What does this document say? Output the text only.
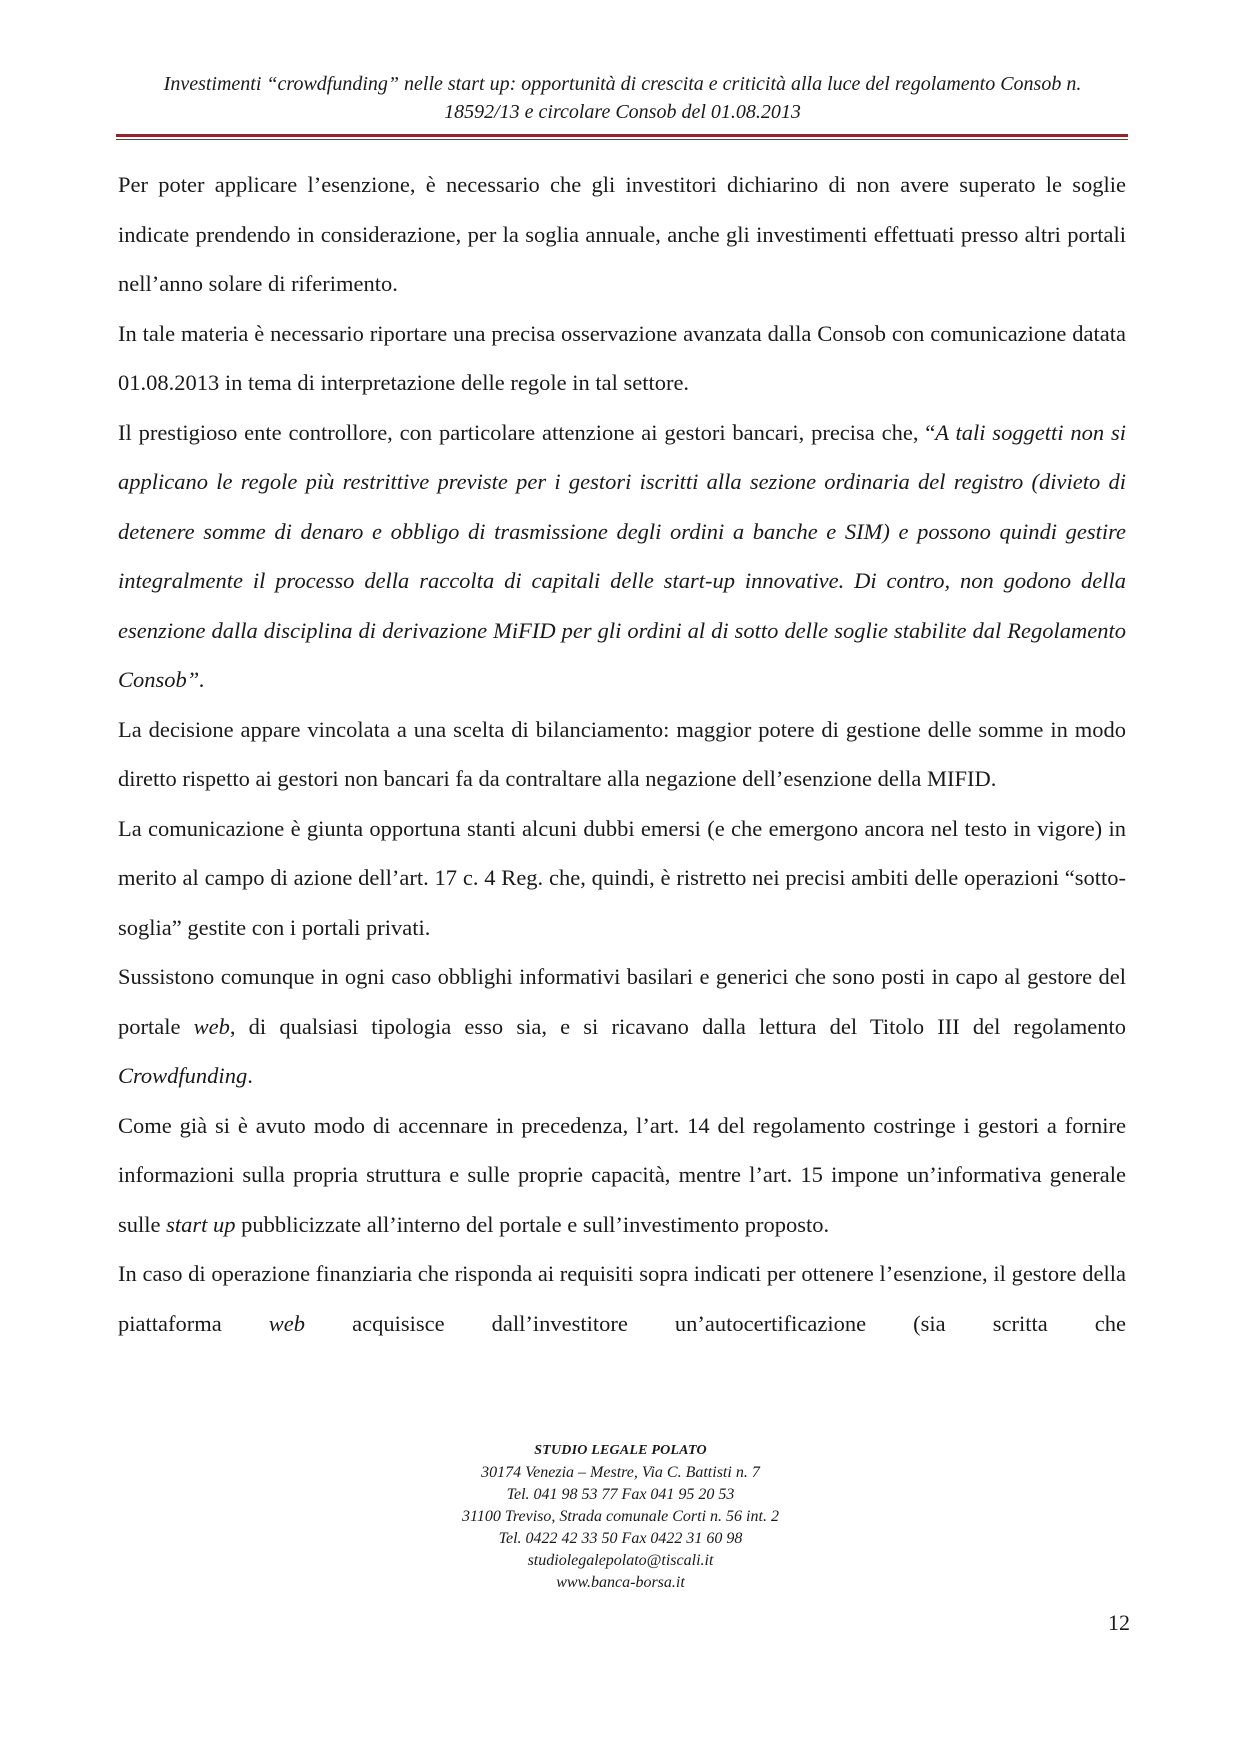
Investimenti “crowdfunding” nelle start up: opportunità di crescita e criticità alla luce del regolamento Consob n.
18592/13 e circolare Consob del 01.08.2013

Per poter applicare l’esenzione, è necessario che gli investitori dichiarino di non avere superato le soglie indicate prendendo in considerazione, per la soglia annuale, anche gli investimenti effettuati presso altri portali nell’anno solare di riferimento.

In tale materia è necessario riportare una precisa osservazione avanzata dalla Consob con comunicazione datata 01.08.2013 in tema di interpretazione delle regole in tal settore.

Il prestigioso ente controllore, con particolare attenzione ai gestori bancari, precisa che, “A tali soggetti non si applicano le regole più restrittive previste per i gestori iscritti alla sezione ordinaria del registro (divieto di detenere somme di denaro e obbligo di trasmissione degli ordini a banche e SIM) e possono quindi gestire integralmente il processo della raccolta di capitali delle start-up innovative. Di contro, non godono della esenzione dalla disciplina di derivazione MiFID per gli ordini al di sotto delle soglie stabilite dal Regolamento Consob”.

La decisione appare vincolata a una scelta di bilanciamento: maggior potere di gestione delle somme in modo diretto rispetto ai gestori non bancari fa da contraltare alla negazione dell’esenzione della MIFID.

La comunicazione è giunta opportuna stanti alcuni dubbi emersi (e che emergono ancora nel testo in vigore) in merito al campo di azione dell’art. 17 c. 4 Reg. che, quindi, è ristretto nei precisi ambiti delle operazioni “sotto-soglia” gestite con i portali privati.

Sussistono comunque in ogni caso obblighi informativi basilari e generici che sono posti in capo al gestore del portale web, di qualsiasi tipologia esso sia, e si ricavano dalla lettura del Titolo III del regolamento Crowdfunding.

Come già si è avuto modo di accennare in precedenza, l’art. 14 del regolamento costringe i gestori a fornire informazioni sulla propria struttura e sulle proprie capacità, mentre l’art. 15 impone un’informativa generale sulle start up pubblicizzate all’interno del portale e sull’investimento proposto.

In caso di operazione finanziaria che risponda ai requisiti sopra indicati per ottenere l’esenzione, il gestore della piattaforma web acquisisce dall’investitore un’autocertificazione (sia scritta che

STUDIO LEGALE POLATO
30174 Venezia – Mestre, Via C. Battisti n. 7
Tel. 041 98 53 77 Fax 041 95 20 53
31100 Treviso, Strada comunale Corti n. 56 int. 2
Tel. 0422 42 33 50 Fax 0422 31 60 98
studiolegalepolato@tiscali.it
www.banca-borsa.it
12
